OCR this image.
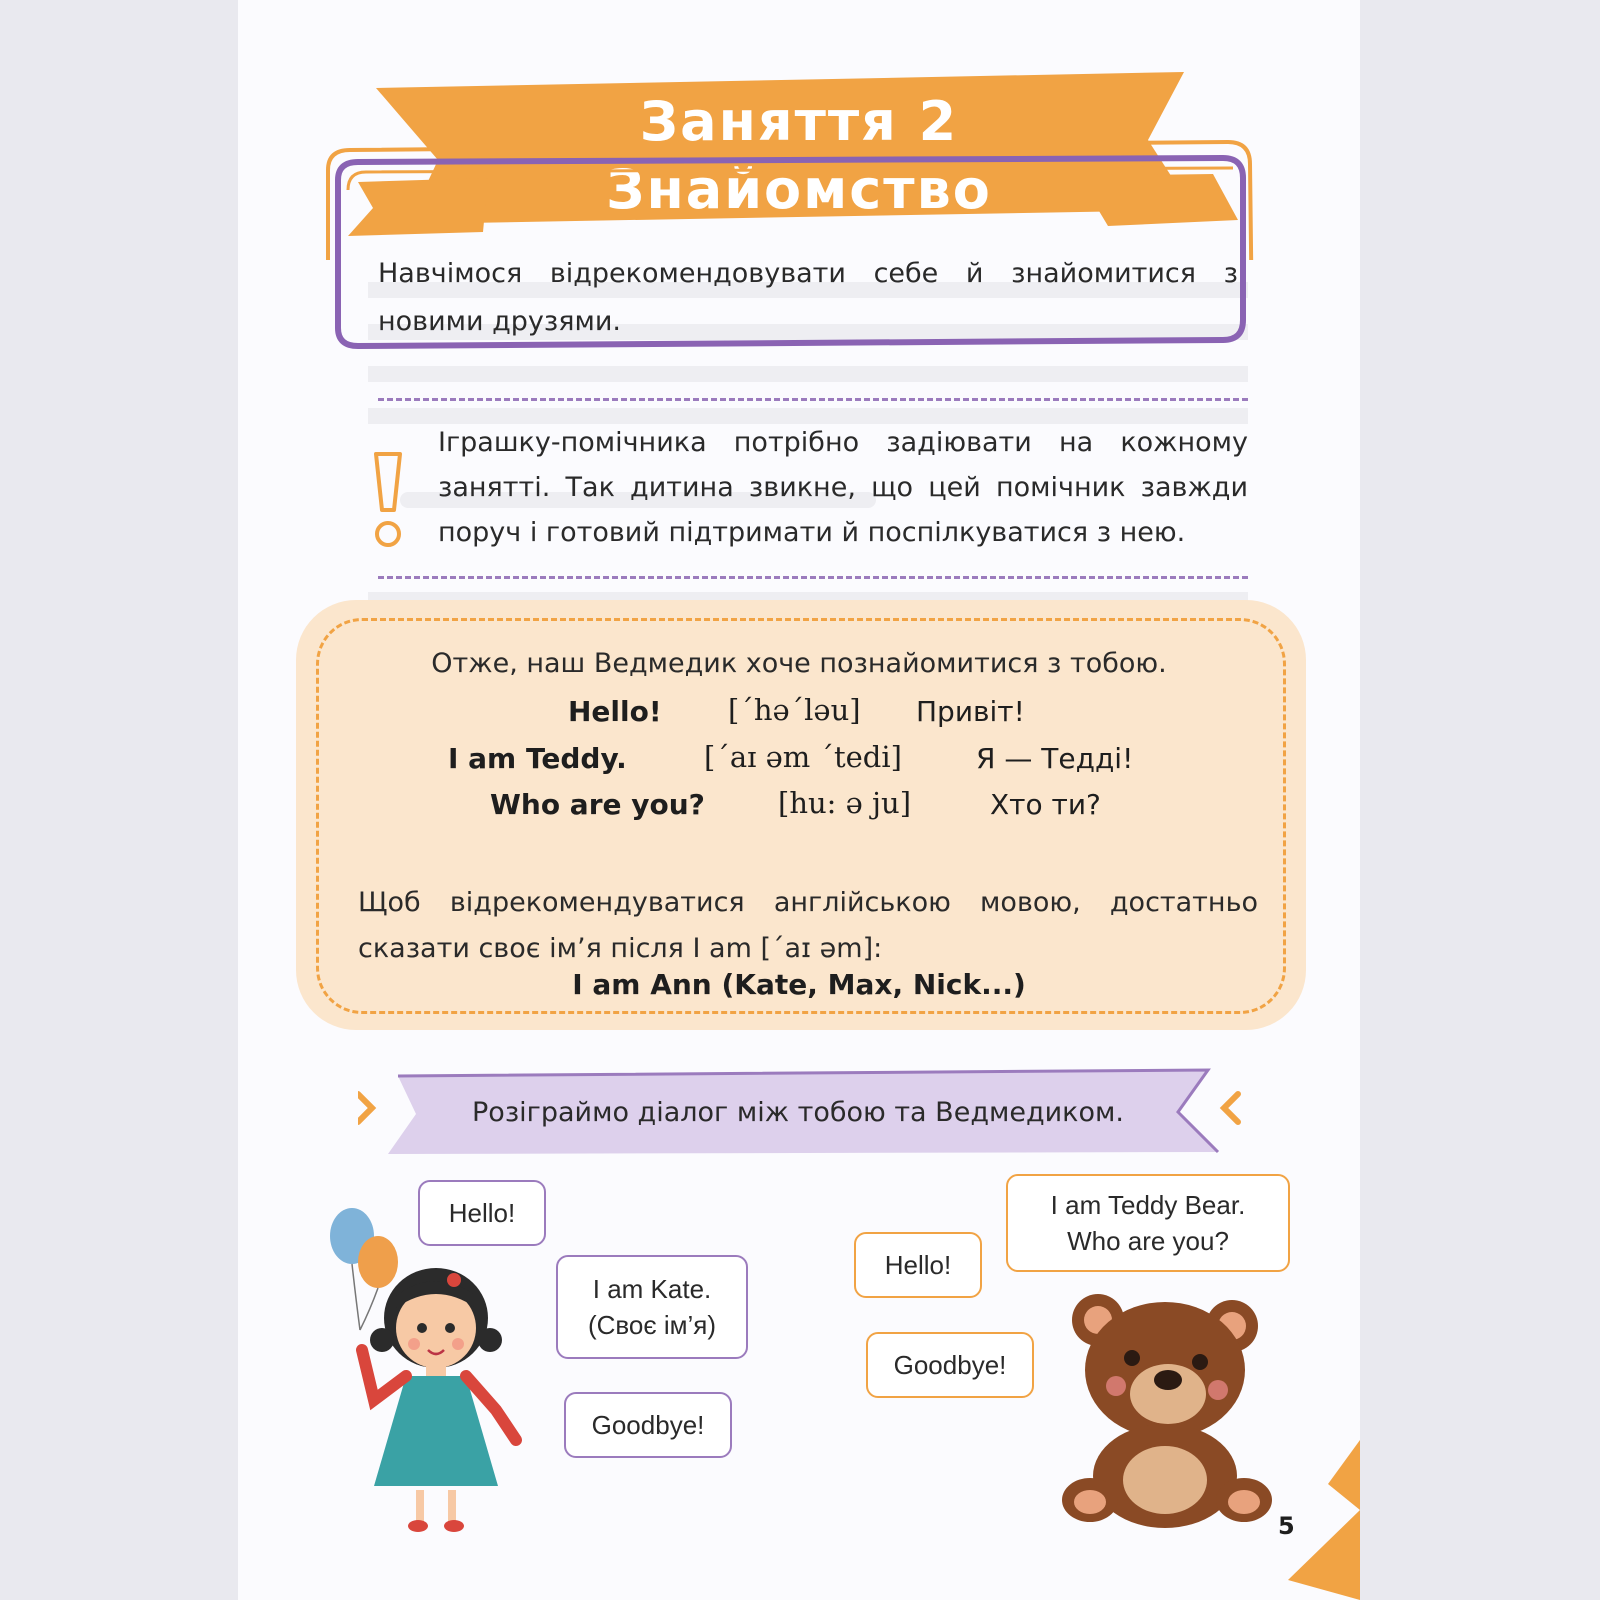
Заняття 2
Знайомство
Навчімося відрекомендовувати себе й знайомитися з новими друзями.
Іграшку-помічника потрібно задіювати на кожному занятті. Так дитина звикне, що цей помічник завжди поруч і готовий підтримати й поспілкуватися з нею.
Отже, наш Ведмедик хоче познайомитися з тобою.
Hello! [ˊhəˊləu] Привіт!
I am Teddy.	[ˊaɪ əm ˊtedi]	Я — Тедді!
Who are you?	[hu: ə ju]	Хто ти?
Щоб відрекомендуватися англійською мовою, достатньо сказати своє ім’я після I am [ˊaɪ əm]:
I am Ann (Kate, Max, Nick...)
Розіграймо діалог між тобою та Ведмедиком.
Hello!
I am Kate.
(Своє ім’я)
Goodbye!
I am Teddy Bear.
Who are you?
Hello!
Goodbye!
5
